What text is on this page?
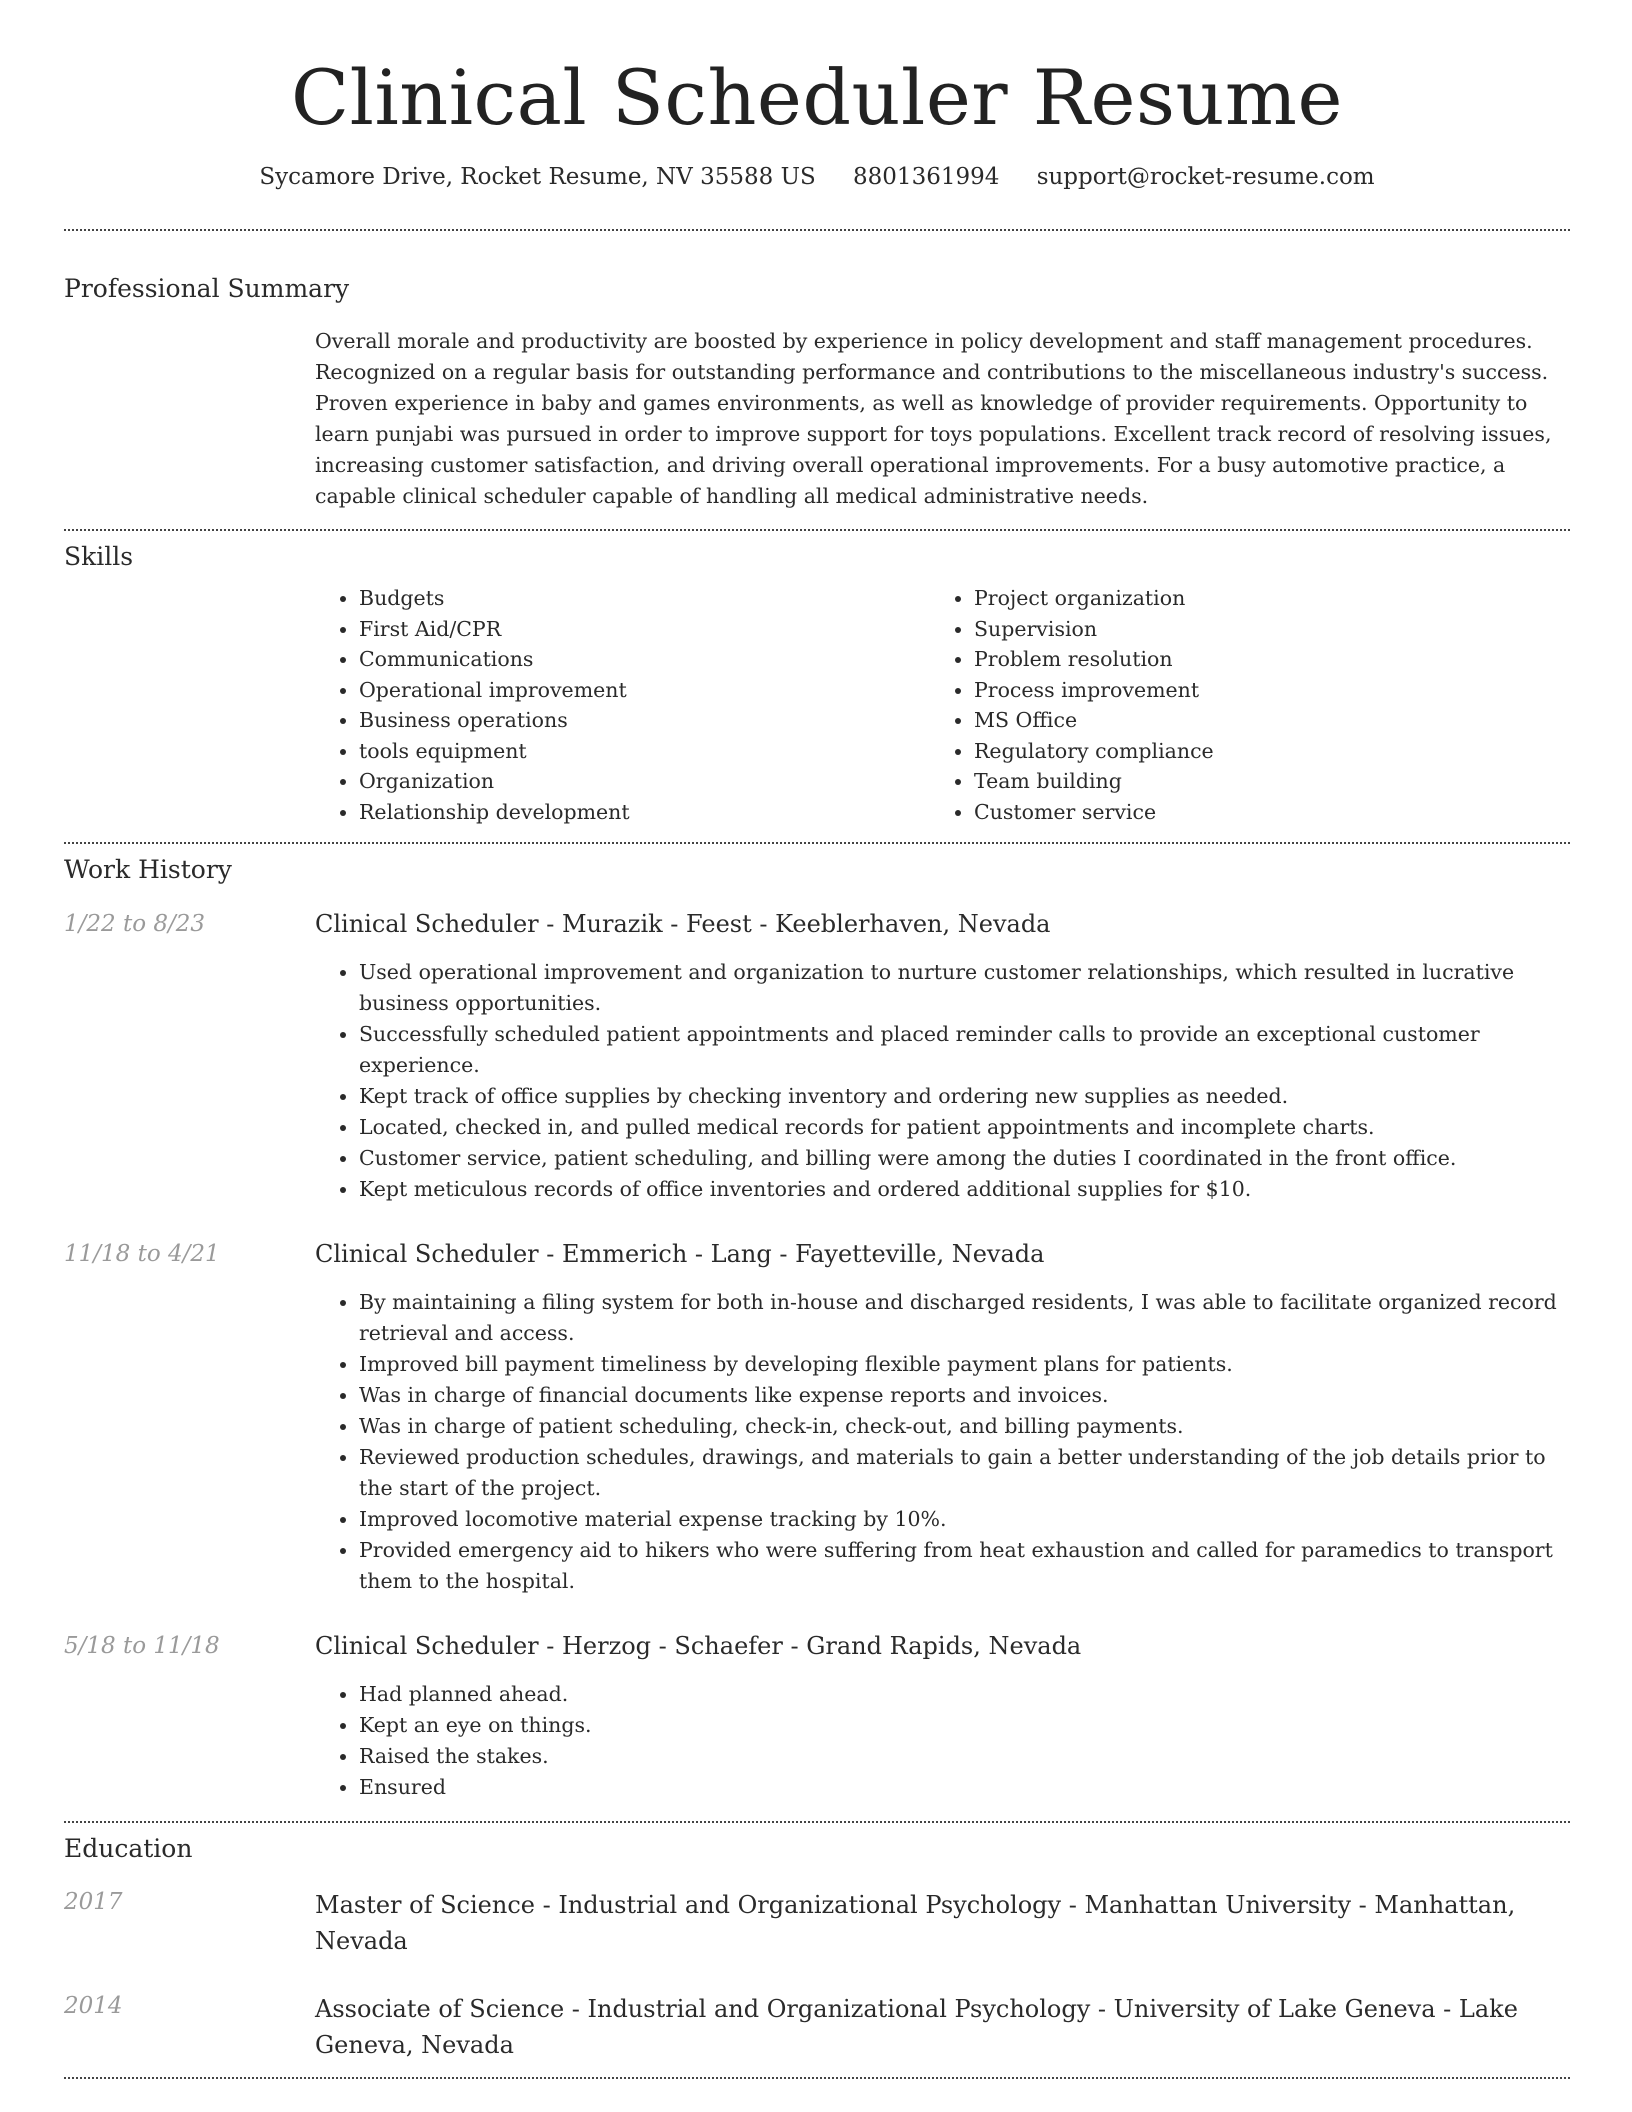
Clinical Scheduler Resume
Sycamore Drive, Rocket Resume, NV 35588 US 8801361994 support@rocket-resume.com
Professional Summary

Overall morale and productivity are boosted by experience in policy development and staff management procedures. Recognized on a regular basis for outstanding performance and contributions to the miscellaneous industry's success. Proven experience in baby and games environments, as well as knowledge of provider requirements. Opportunity to learn punjabi was pursued in order to improve support for toys populations. Excellent track record of resolving issues, increasing customer satisfaction, and driving overall operational improvements. For a busy automotive practice, a capable clinical scheduler capable of handling all medical administrative needs.

Skills
• Budgets
• First Aid/CPR
• Communications
• Operational improvement
• Business operations
• tools equipment
• Organization
• Relationship development
• Project organization
• Supervision
• Problem resolution
• Process improvement
• MS Office
• Regulatory compliance
• Team building
• Customer service
Work History
1/22 to 8/23	Clinical Scheduler - Murazik - Feest - Keeblerhaven, Nevada

• Used operational improvement and organization to nurture customer relationships, which resulted in lucrative business opportunities.
• Successfully scheduled patient appointments and placed reminder calls to provide an exceptional customer experience.
• Kept track of office supplies by checking inventory and ordering new supplies as needed.
• Located, checked in, and pulled medical records for patient appointments and incomplete charts.
• Customer service, patient scheduling, and billing were among the duties I coordinated in the front office.
• Kept meticulous records of office inventories and ordered additional supplies for $10.
11/18 to 4/21	Clinical Scheduler - Emmerich - Lang - Fayetteville, Nevada

• By maintaining a filing system for both in-house and discharged residents, I was able to facilitate organized record retrieval and access.
• Improved bill payment timeliness by developing flexible payment plans for patients.
• Was in charge of financial documents like expense reports and invoices.
• Was in charge of patient scheduling, check-in, check-out, and billing payments.
• Reviewed production schedules, drawings, and materials to gain a better understanding of the job details prior to the start of the project.
• Improved locomotive material expense tracking by 10%.
• Provided emergency aid to hikers who were suffering from heat exhaustion and called for paramedics to transport them to the hospital.
5/18 to 11/18	Clinical Scheduler - Herzog - Schaefer - Grand Rapids, Nevada

• Had planned ahead.
• Kept an eye on things.
• Raised the stakes.
• Ensured
Education
2017	Master of Science - Industrial and Organizational Psychology - Manhattan University - Manhattan, Nevada

2014	Associate of Science - Industrial and Organizational Psychology - University of Lake Geneva - Lake Geneva, Nevada
